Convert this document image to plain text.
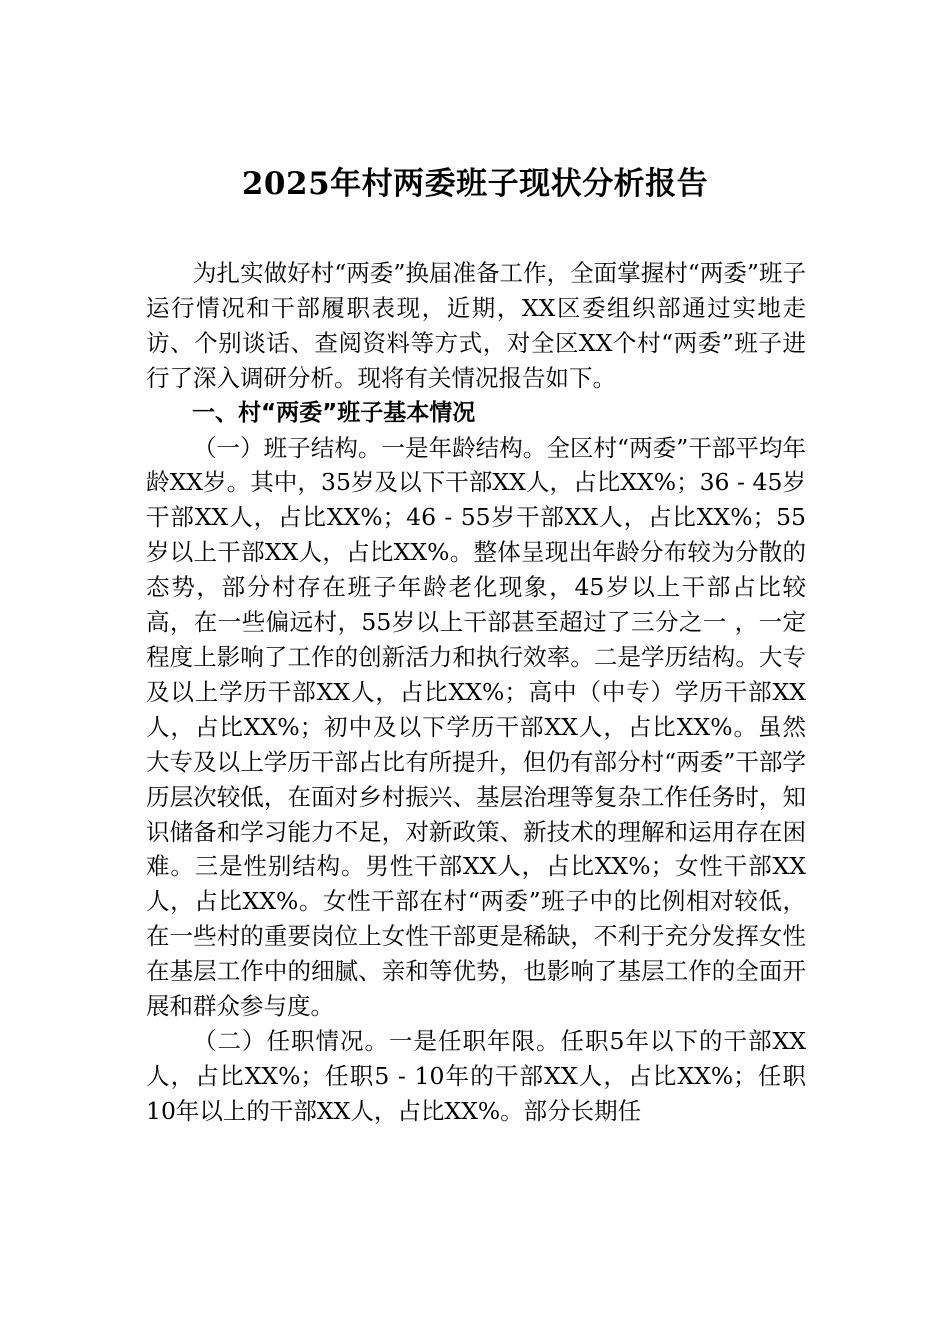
2025年村两委班子现状分析报告

为扎实做好村“两委”换届准备工作，全面掌握村“两委”班子运行情况和干部履职表现，近期，XX区委组织部通过实地走访、个别谈话、查阅资料等方式，对全区XX个村“两委”班子进行了深入调研分析。现将有关情况报告如下。

一、村“两委”班子基本情况

（一）班子结构。一是年龄结构。全区村“两委”干部平均年龄XX岁。其中，35岁及以下干部XX人，占比XX%；36 - 45岁干部XX人，占比XX%；46 - 55岁干部XX人，占比XX%；55岁以上干部XX人，占比XX%。整体呈现出年龄分布较为分散的态势，部分村存在班子年龄老化现象，45岁以上干部占比较高，在一些偏远村，55岁以上干部甚至超过了三分之一 ，一定程度上影响了工作的创新活力和执行效率。二是学历结构。大专及以上学历干部XX人，占比XX%；高中（中专）学历干部XX人，占比XX%；初中及以下学历干部XX人，占比XX%。虽然大专及以上学历干部占比有所提升，但仍有部分村“两委”干部学历层次较低，在面对乡村振兴、基层治理等复杂工作任务时，知识储备和学习能力不足，对新政策、新技术的理解和运用存在困难。三是性别结构。男性干部XX人，占比XX%；女性干部XX人，占比XX%。女性干部在村“两委”班子中的比例相对较低，在一些村的重要岗位上女性干部更是稀缺，不利于充分发挥女性在基层工作中的细腻、亲和等优势，也影响了基层工作的全面开展和群众参与度。

（二）任职情况。一是任职年限。任职5年以下的干部XX人，占比XX%；任职5 - 10年的干部XX人，占比XX%；任职10年以上的干部XX人，占比XX%。部分长期任
